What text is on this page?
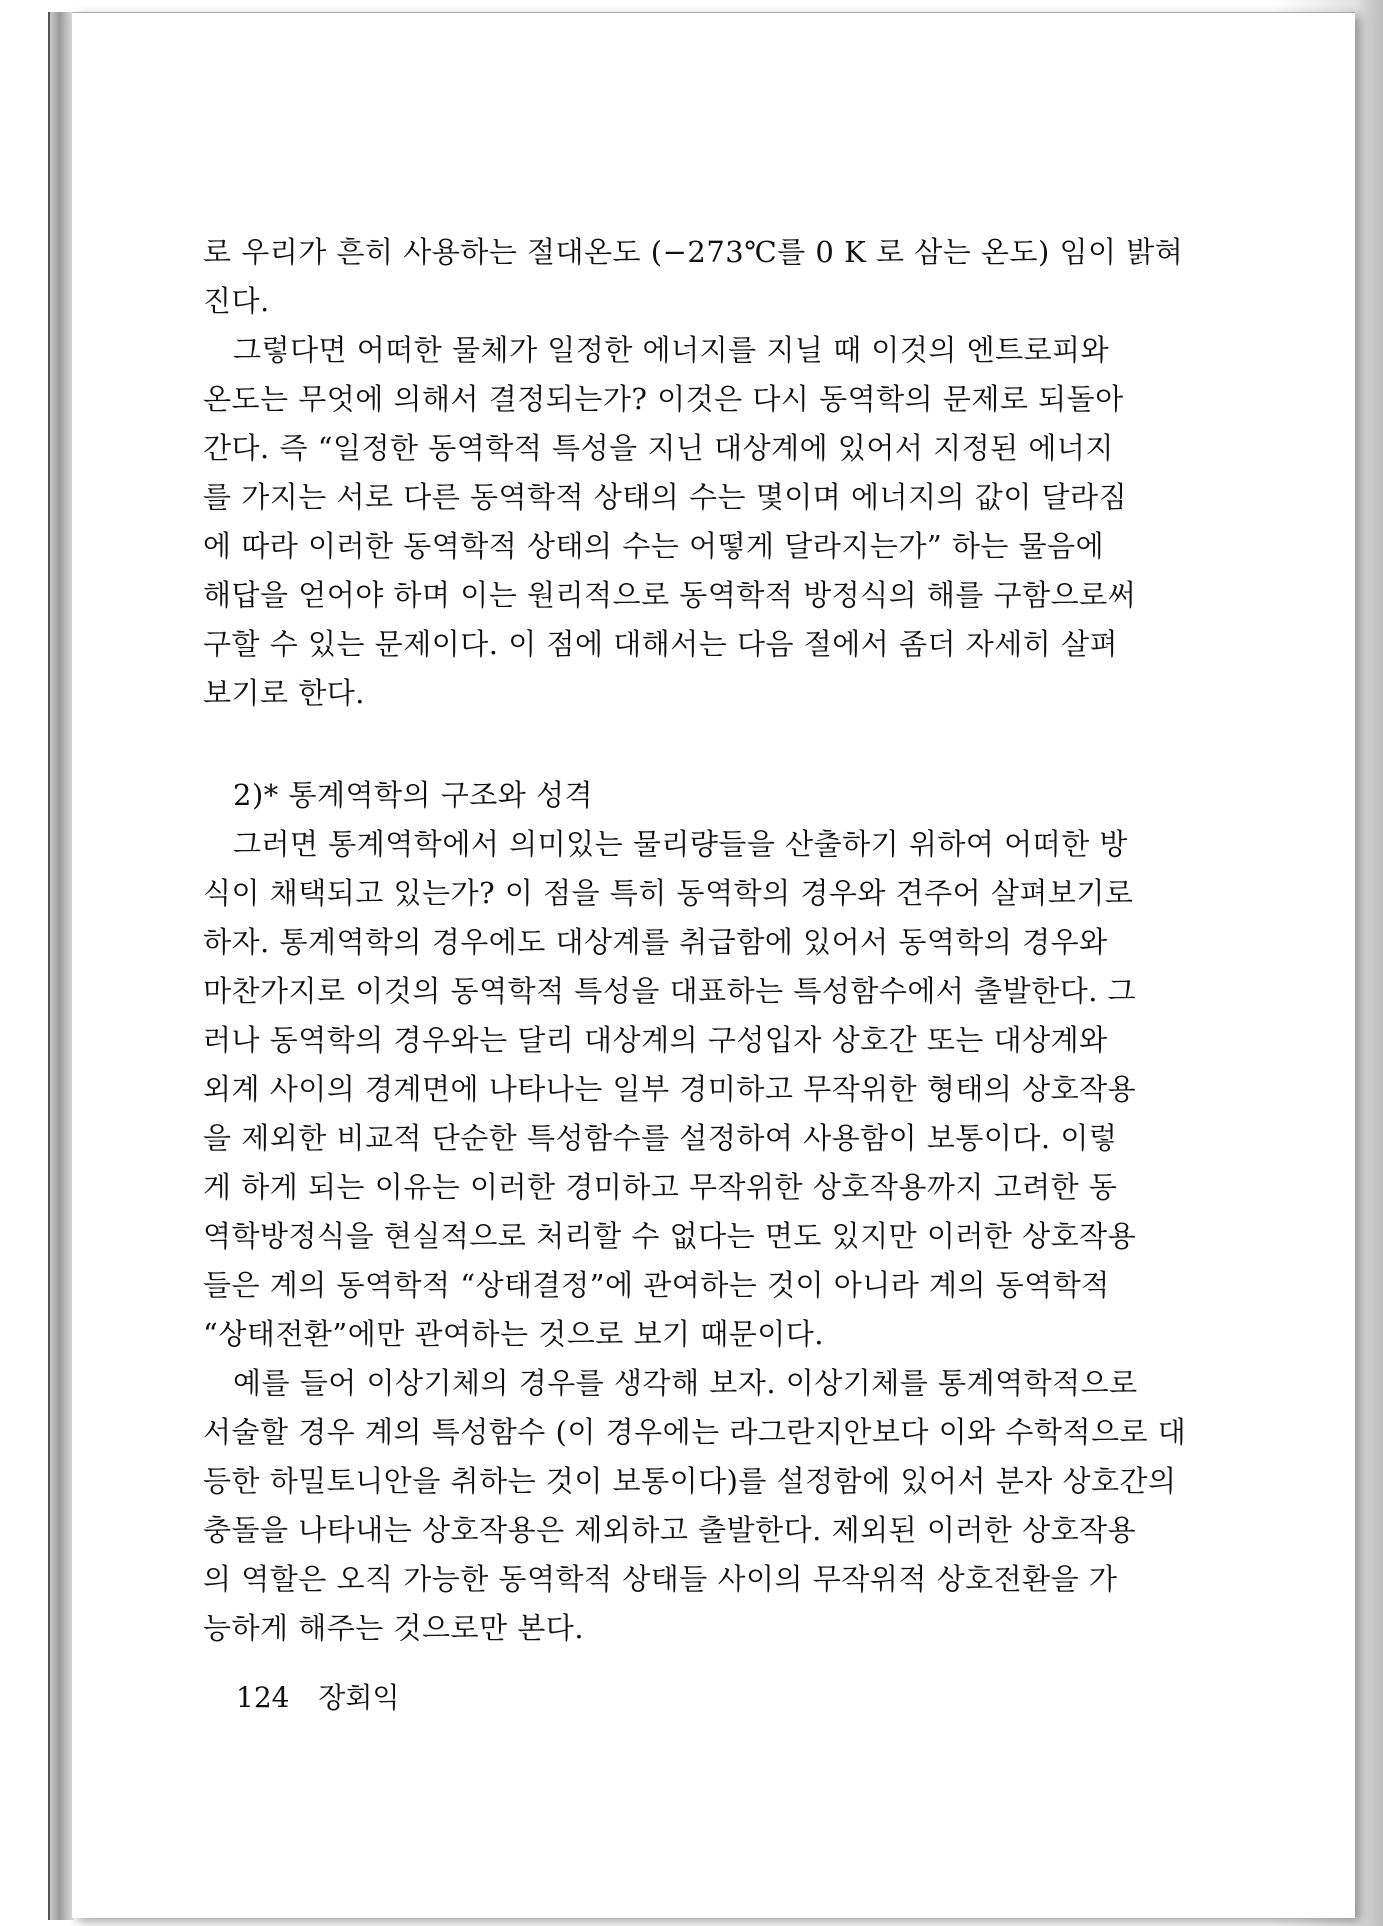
로 우리가 흔히 사용하는 절대온도 (−273℃를 0 K 로 삼는 온도) 임이 밝혀
진다.
그렇다면 어떠한 물체가 일정한 에너지를 지닐 때 이것의 엔트로피와
온도는 무엇에 의해서 결정되는가? 이것은 다시 동역학의 문제로 되돌아
간다. 즉 “일정한 동역학적 특성을 지닌 대상계에 있어서 지정된 에너지
를 가지는 서로 다른 동역학적 상태의 수는 몇이며 에너지의 값이 달라짐
에 따라 이러한 동역학적 상태의 수는 어떻게 달라지는가” 하는 물음에
해답을 얻어야 하며 이는 원리적으로 동역학적 방정식의 해를 구함으로써
구할 수 있는 문제이다. 이 점에 대해서는 다음 절에서 좀더 자세히 살펴
보기로 한다.
2)* 통계역학의 구조와 성격
그러면 통계역학에서 의미있는 물리량들을 산출하기 위하여 어떠한 방
식이 채택되고 있는가? 이 점을 특히 동역학의 경우와 견주어 살펴보기로
하자. 통계역학의 경우에도 대상계를 취급함에 있어서 동역학의 경우와
마찬가지로 이것의 동역학적 특성을 대표하는 특성함수에서 출발한다. 그
러나 동역학의 경우와는 달리 대상계의 구성입자 상호간 또는 대상계와
외계 사이의 경계면에 나타나는 일부 경미하고 무작위한 형태의 상호작용
을 제외한 비교적 단순한 특성함수를 설정하여 사용함이 보통이다. 이렇
게 하게 되는 이유는 이러한 경미하고 무작위한 상호작용까지 고려한 동
역학방정식을 현실적으로 처리할 수 없다는 면도 있지만 이러한 상호작용
들은 계의 동역학적 “상태결정”에 관여하는 것이 아니라 계의 동역학적
“상태전환”에만 관여하는 것으로 보기 때문이다.
예를 들어 이상기체의 경우를 생각해 보자. 이상기체를 통계역학적으로
서술할 경우 계의 특성함수 (이 경우에는 라그란지안보다 이와 수학적으로 대
등한 하밀토니안을 취하는 것이 보통이다)를 설정함에 있어서 분자 상호간의
충돌을 나타내는 상호작용은 제외하고 출발한다. 제외된 이러한 상호작용
의 역할은 오직 가능한 동역학적 상태들 사이의 무작위적 상호전환을 가
능하게 해주는 것으로만 본다.
124 장회익
